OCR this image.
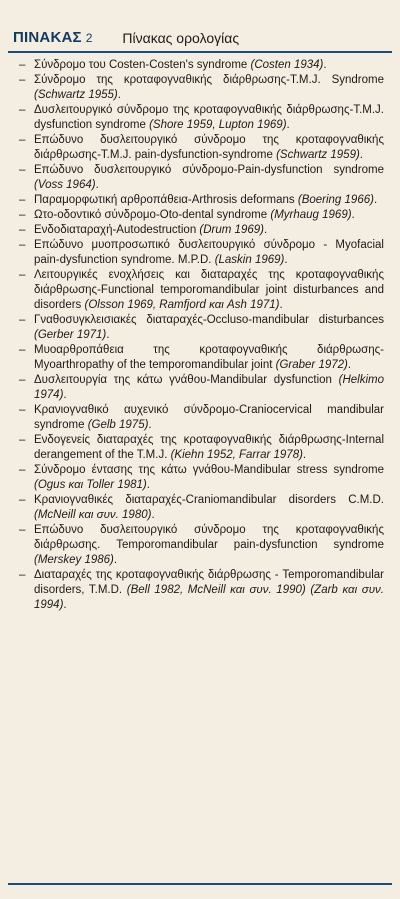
ΠΙΝΑΚΑΣ 2 Πίνακας ορολογίας
– Σύνδρομο του Costen-Costen's syndrome (Costen 1934).
– Σύνδρομο της κροταφογναθικής διάρθρωσης-T.M.J. Syndrome (Schwartz 1955).
– Δυσλειτουργικό σύνδρομο της κροταφογναθικής διάρθρωσης-T.M.J. dysfunction syndrome (Shore 1959, Lupton 1969).
– Επώδυνο δυσλειτουργικό σύνδρομο της κροταφογναθικής διάρθρωσης-T.M.J. pain-dysfunction-syndrome (Schwartz 1959).
– Επώδυνο δυσλειτουργικό σύνδρομο-Pain-dysfunction syndrome (Voss 1964).
– Παραμορφωτική αρθροπάθεια-Arthrosis deformans (Boering 1966).
– Ωτο-οδοντικό σύνδρομο-Oto-dental syndrome (Myrhaug 1969).
– Ενδοδιαταραχή-Autodestruction (Drum 1969).
– Επώδυνο μυοπροσωπικό δυσλειτουργικό σύνδρομο - Myofacial pain-dysfunction syndrome. M.P.D. (Laskin 1969).
– Λειτουργικές ενοχλήσεις και διαταραχές της κροταφογναθικής διάρθρωσης-Functional temporomandibular joint disturbances and disorders (Olsson 1969, Ramfjord και Ash 1971).
– Γναθοσυγκλεισιακές διαταραχές-Occluso-mandibular disturbances (Gerber 1971).
– Μυοαρθροπάθεια της κροταφογναθικής διάρθρωσης-Myoarthropathy of the temporomandibular joint (Graber 1972).
– Δυσλειτουργία της κάτω γνάθου-Mandibular dysfunction (Helkimo 1974).
– Κρανιογναθικό αυχενικό σύνδρομο-Craniocervical mandibular syndrome (Gelb 1975).
– Ενδογενείς διαταραχές της κροταφογναθικής διάρθρωσης-Internal derangement of the T.M.J. (Kiehn 1952, Farrar 1978).
– Σύνδρομο έντασης της κάτω γνάθου-Mandibular stress syndrome (Ogus και Toller 1981).
– Κρανιογναθικές διαταραχές-Craniomandibular disorders C.M.D. (McNeill και συν. 1980).
– Επώδυνο δυσλειτουργικό σύνδρομο της κροταφογναθικής διάρθρωσης. Temporomandibular pain-dysfunction syndrome (Merskey 1986).
– Διαταραχές της κροταφογναθικής διάρθρωσης - Temporomandibular disorders, T.M.D. (Bell 1982, McNeill και συν. 1990) (Zarb και συν. 1994).
